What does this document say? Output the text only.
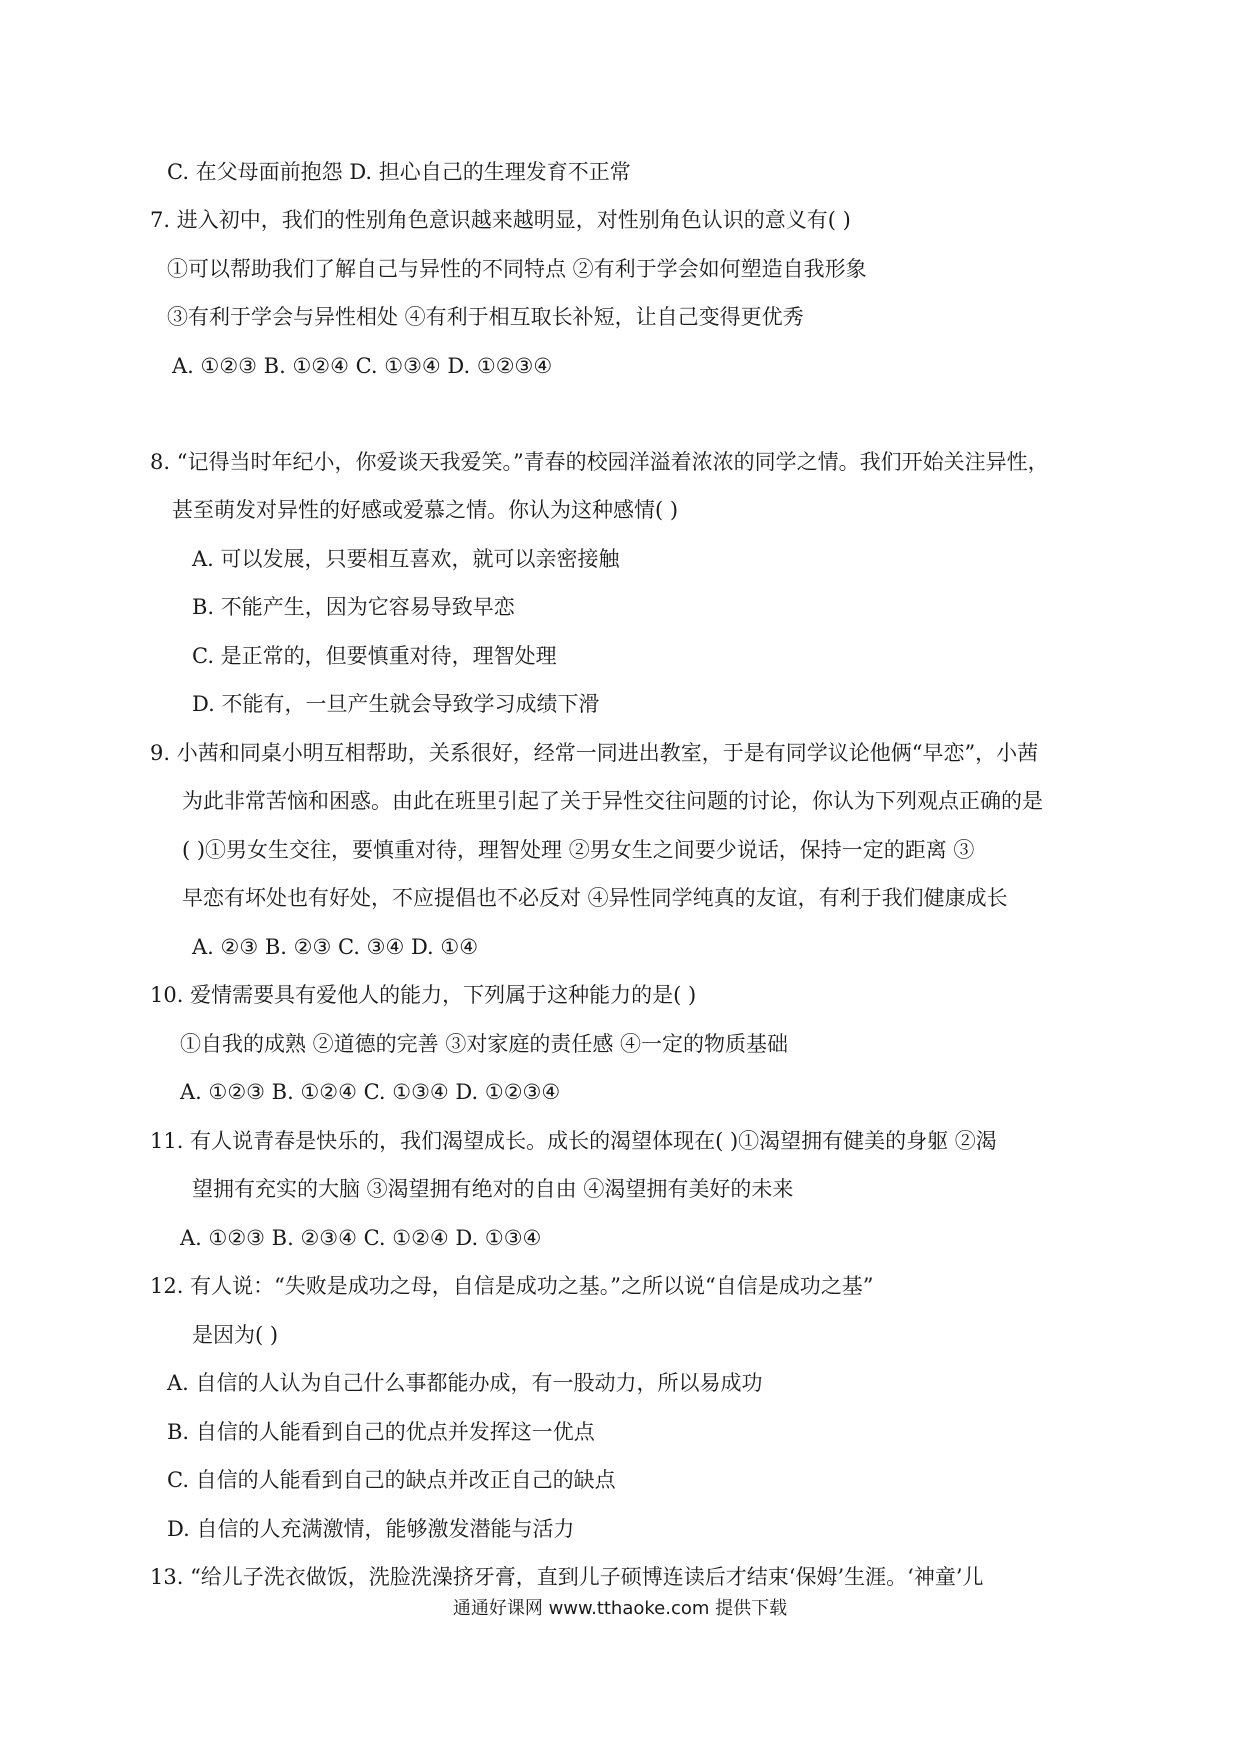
C. 在父母面前抱怨 D. 担心自己的生理发育不正常
7. 进入初中，我们的性别角色意识越来越明显，对性别角色认识的意义有( )
①可以帮助我们了解自己与异性的不同特点 ②有利于学会如何塑造自我形象
③有利于学会与异性相处 ④有利于相互取长补短，让自己变得更优秀
A. ①②③ B. ①②④ C. ①③④ D. ①②③④
8. “记得当时年纪小，你爱谈天我爱笑。”青春的校园洋溢着浓浓的同学之情。我们开始关注异性，
甚至萌发对异性的好感或爱慕之情。你认为这种感情( )
A. 可以发展，只要相互喜欢，就可以亲密接触
B. 不能产生，因为它容易导致早恋
C. 是正常的，但要慎重对待，理智处理
D. 不能有，一旦产生就会导致学习成绩下滑
9. 小茜和同桌小明互相帮助，关系很好，经常一同进出教室，于是有同学议论他俩“早恋”，小茜
为此非常苦恼和困惑。由此在班里引起了关于异性交往问题的讨论，你认为下列观点正确的是
( )①男女生交往，要慎重对待，理智处理 ②男女生之间要少说话，保持一定的距离 ③
早恋有坏处也有好处，不应提倡也不必反对 ④异性同学纯真的友谊，有利于我们健康成长
A. ②③ B. ②③ C. ③④ D. ①④
10. 爱情需要具有爱他人的能力，下列属于这种能力的是( )
①自我的成熟 ②道德的完善 ③对家庭的责任感 ④一定的物质基础
A. ①②③ B. ①②④ C. ①③④ D. ①②③④
11. 有人说青春是快乐的，我们渴望成长。成长的渴望体现在( )①渴望拥有健美的身躯 ②渴
望拥有充实的大脑 ③渴望拥有绝对的自由 ④渴望拥有美好的未来
A. ①②③ B. ②③④ C. ①②④ D. ①③④
12. 有人说：“失败是成功之母，自信是成功之基。”之所以说“自信是成功之基”
是因为( )
A. 自信的人认为自己什么事都能办成，有一股动力，所以易成功
B. 自信的人能看到自己的优点并发挥这一优点
C. 自信的人能看到自己的缺点并改正自己的缺点
D. 自信的人充满激情，能够激发潜能与活力
13. “给儿子洗衣做饭，洗脸洗澡挤牙膏，直到儿子硕博连读后才结束‘保姆’生涯。‘神童’儿
通通好课网 www.tthaoke.com 提供下载
